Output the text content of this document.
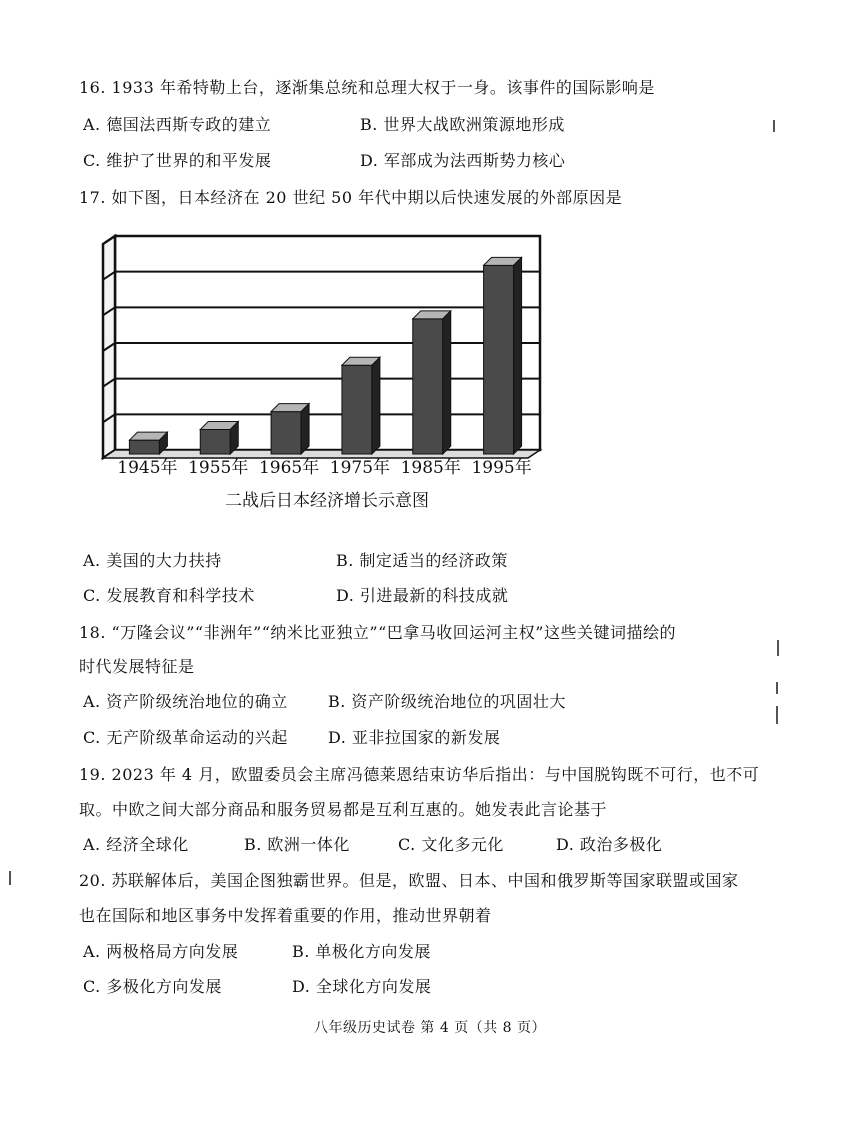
16. 1933 年希特勒上台，逐渐集总统和总理大权于一身。该事件的国际影响是
A. 德国法西斯专政的建立	B. 世界大战欧洲策源地形成
C. 维护了世界的和平发展	D. 军部成为法西斯势力核心
17. 如下图，日本经济在 20 世纪 50 年代中期以后快速发展的外部原因是
1945年 1955年 1965年 1975年 1985年 1995年
二战后日本经济增长示意图
A. 美国的大力扶持	B. 制定适当的经济政策
C. 发展教育和科学技术	D. 引进最新的科技成就
18. “万隆会议”“非洲年”“纳米比亚独立”“巴拿马收回运河主权”这些关键词描绘的
时代发展特征是
A. 资产阶级统治地位的确立	B. 资产阶级统治地位的巩固壮大
C. 无产阶级革命运动的兴起	D. 亚非拉国家的新发展
19. 2023 年 4 月，欧盟委员会主席冯德莱恩结束访华后指出：与中国脱钩既不可行，也不可
取。中欧之间大部分商品和服务贸易都是互利互惠的。她发表此言论基于
A. 经济全球化	B. 欧洲一体化	C. 文化多元化	D. 政治多极化
20. 苏联解体后，美国企图独霸世界。但是，欧盟、日本、中国和俄罗斯等国家联盟或国家
也在国际和地区事务中发挥着重要的作用，推动世界朝着
A. 两极格局方向发展	B. 单极化方向发展
C. 多极化方向发展	D. 全球化方向发展
八年级历史试卷 第 4 页（共 8 页）
